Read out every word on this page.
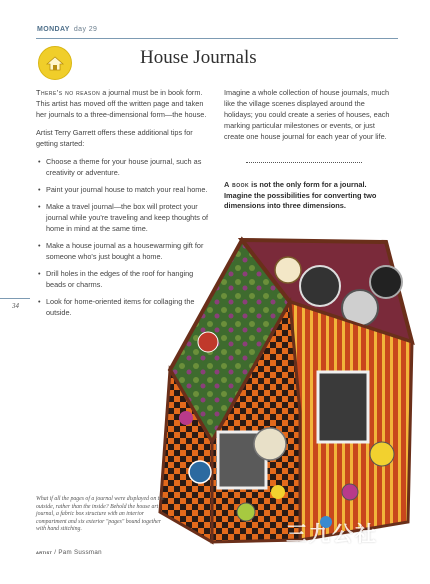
MONDAY day 29
House Journals

There's no reason a journal must be in book form. This artist has moved off the written page and taken her journals to a three-dimensional form—the house.

Artist Terry Garrett offers these additional tips for getting started:

• Choose a theme for your house journal, such as creativity or adventure.
• Paint your journal house to match your real home.
• Make a travel journal—the box will protect your journal while you're traveling and keep thoughts of home in mind at the same time.
• Make a house journal as a housewarming gift for someone who's just bought a home.
• Drill holes in the edges of the roof for hanging beads or charms.
• Look for home-oriented items for collaging the outside.

Imagine a whole collection of house journals, much like the village scenes displayed around the holidays; you could create a series of houses, each marking particular milestones or events, or just create one house journal for each year of your life.

A book is not the only form for a journal. Imagine the possibilities for converting two dimensions into three dimensions.
34
What if all the pages of a journal were displayed on the outside, rather than the inside? Behold the house art journal, a fabric box structure with an interior compartment and six exterior "pages" bound together with hand stitching.
artist / Pam Sussman
三九公社
www.39.net
